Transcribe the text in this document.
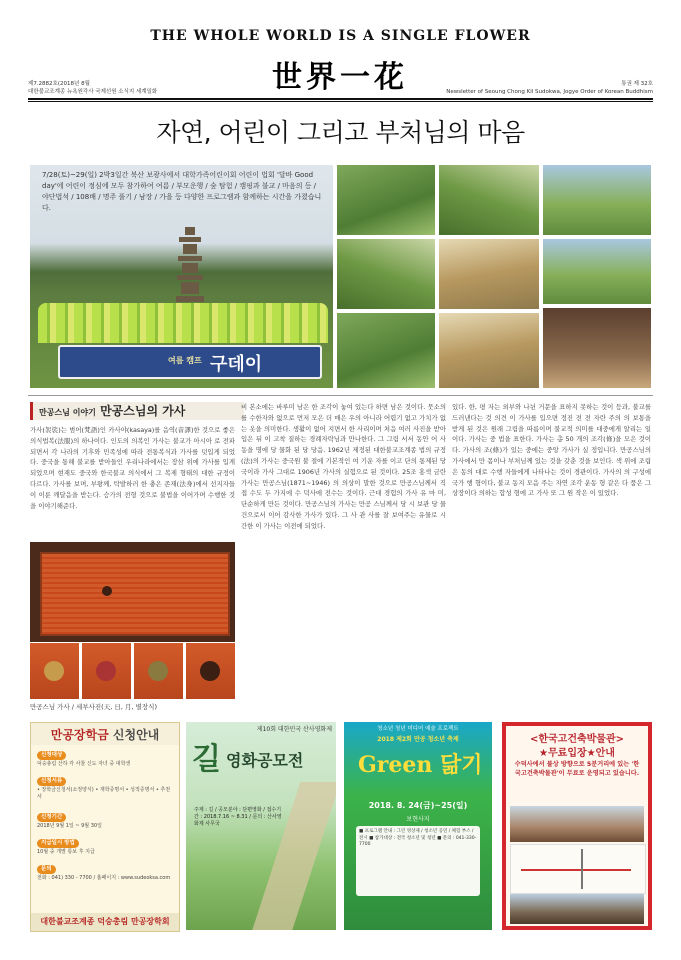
THE WHOLE WORLD IS A SINGLE FLOWER
世界一花
제7.2882호(2018년 8월
대한불교조계종 뉴욕원각사 국제선원 소식지 세계일화
통권 제 32호
Newsletter of Seoung Chong Kil Sudokwa, Jogye Order of Korean Buddhism
자연, 어린이 그리고 부처님의 마음
7/28(토)~29(일) 2박3일간 북산 보광사에서 대학가족어린이회 어린이 법회 '달바 Good day'에 어린이 정심에 모두 참가하여 여름 / 부모운행 / 숲 탐험 / 캠핑과 불교 / 마음의 등 / 야단법석 / 108배 / 명주 풀기 / 남장 / 가을 등 다양한 프로그램과 함께하는 시간을 가졌습니다.
여름 캠프 구데이
만공스님 이야기 만공스님의 가사
가사(袈裟)는 범어(梵語)인 카사야(kasaya)를 음역(音譯)한 것으로 좋은 의식법복(法服)의 하나이다. 인도의 의복인 가사는 불교가 아시아 로 전파되면서 각 나라의 기후와 민족성에 따라 전통복식과 가사를 덧입게 되었다. 중국을 통해 불교를 받아들인 우리나라에서는 장삼 위에 가사를 입게 되었으며 현재도 중국와 한국불교 의식에서 그 복제 형태의 대한 규정이 다르다. 가사를 보며, 부왕께, 탁발하러 한 충은 존재(法身)에서 선지자들이 이룬 깨달음을 받는다. 승가의 전형 것으로 불법을 이어가며 수행한 것을 이야기해준다.
비 본소에는 바루미 남은 한 조각이 놓여 있는다 하면 남은 것이다. 뭇소의를 수한자와 없으로 먼저 모은 더 매은 우의 아니라 어렵기 없고 가치가 없는 옷을 의미한다. 생활이 없어 지면서 한 사리이며 처음 여러 사진을 받아 입은 뒤 이 고착 질하는 경례자락님과 만나한다. 그 그림 서서 동안 어 사동을 명에 당 물화 된 당 당음. 1962년 제정된 대한불교조계종 법의 규정(法)의 가사는 중국원 불 절에 기본적인 여 기운 자를 이고 단의 통제된 당국이라 가사 그대로 1906년 가사의 실험으로 된 것이다. 25조 홍색 금란가사는 만공스님(1871~1946) 의 의상이 말한 것으로 만공스님께서 직접 수도 두 가지에 수 덕사에 전수는 것이다. 근대 경험의 가사 유 마 미, 단순하게 만든 것이다. 만공스님의 가사는 만공 스님께서 당 시 보관 당 물건으로서 이어 감사한 가사가 있다. 그 사 관 사를 잘 보여주는 유물로 시 간한 이 가사는 이전에 되었다.
있다. 한, 평 자는 외부와 나뉜 거문을 표하지 못하는 것이 등과, 불교를 드러낸다는 것 의견 이 가사를 입으면 정진 전 전 자란 주의 의 보통을 받게 된 것은 원래 그림을 따름이며 불교적 의미를 대중에게 알리는 일이다. 가사는 중 법을 표한다. 가사는 총 50 개의 조각(條)을 모은 것이다. 가사의 조(條)가 있는 중에는 중앙 가사가 실 정입니다. 만공스님의 가사에서 만 몸이나 부처님께 있는 것을 갖춘 것을 보인다. 색 위에 조립은 동의 대로 수행 자들에게 나타나는 것이 경관이다. 가사의 의 구성에 국가 행 형이다, 불교 동지 모음 주는 자연 조각 운동 형 같은 다 품은 그 상장이다 의하는 합성 형에 고 가사 또 그 원 작은 이 있었다.
만공스님 가사 / 세부사진(天, 日, 月, 별장식)
만공장학금 신청안내
신청대상
덕숭총림 산하 각 사찰 신도 자녀 중 대학생
신청서류
• 장학금신청서(소정양식) • 재학증명서 • 성적증명서 • 추천서
신청기간
2018년 9월 1일 ~ 9월 30일
지급일시 방법
10월 중 개별 통보 후 지급
문의
전화 : 041) 330 - 7700 / 홈페이지 : www.sudeoksa.com
대한불교조계종 덕숭총림 만공장학회
제10회 대한민국 산사영화제
길 영화공모전
주제 : 길 / 공모분야 : 단편영화 / 접수기간 : 2018.7.16 ~ 8.31 / 문의 : 산사영화제 사무국
청소년 청년 미디어 예술 프로젝트
2018 제2회 만공 청소년 축제
Green 닮기
2018. 8. 24(금)~25(일)
보현사지
■ 프로그램 안내 : 그린 영상제 / 청소년 공연 / 체험 부스 / 전시 ■ 참가대상 : 전국 청소년 및 청년 ■ 문의 : 041-330-7700
<한국고건축박물관>
★무료입장★안내
수덕사에서 불상 방향으로 5분거리에 있는 '한국고건축박물관'이 무료로 운영되고 있습니다.
